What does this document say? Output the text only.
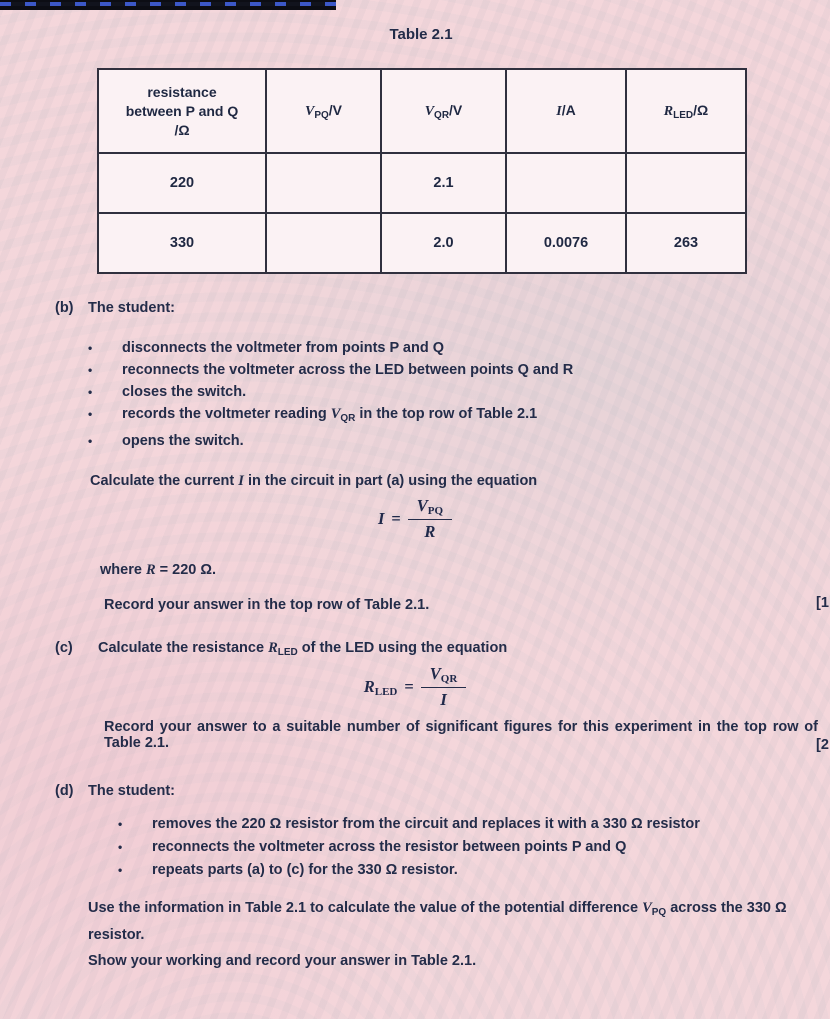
Table 2.1
resistance
between P and Q
/Ω	$V_{PQ}/V$	$V_{QR}/V$	I/A	$R_{LED}/\Omega$
220		2.1		
330		2.0	0.0076	263
(b) The student:
•	disconnects the voltmeter from points P and Q
•	reconnects the voltmeter across the LED between points Q and R
•	closes the switch.
•	records the voltmeter reading $V_{QR}$ in the top row of Table 2.1
•	opens the switch.
Calculate the current I in the circuit in part (a) using the equation
$I = \frac{V_{PQ}}{R}$
where R = 220 Ω.
Record your answer in the top row of Table 2.1.	[1
(c)	Calculate the resistance $R_{LED}$ of the LED using the equation
$R_{LED} = \frac{V_{QR}}{I}$
Record your answer to a suitable number of significant figures for this experiment in the top row of Table 2.1.	[2
(d) The student:
•	removes the 220 Ω resistor from the circuit and replaces it with a 330 Ω resistor
•	reconnects the voltmeter across the resistor between points P and Q
•	repeats parts (a) to (c) for the 330 Ω resistor.
Use the information in Table 2.1 to calculate the value of the potential difference $V_{PQ}$ across the 330 Ω resistor.
Show your working and record your answer in Table 2.1.
